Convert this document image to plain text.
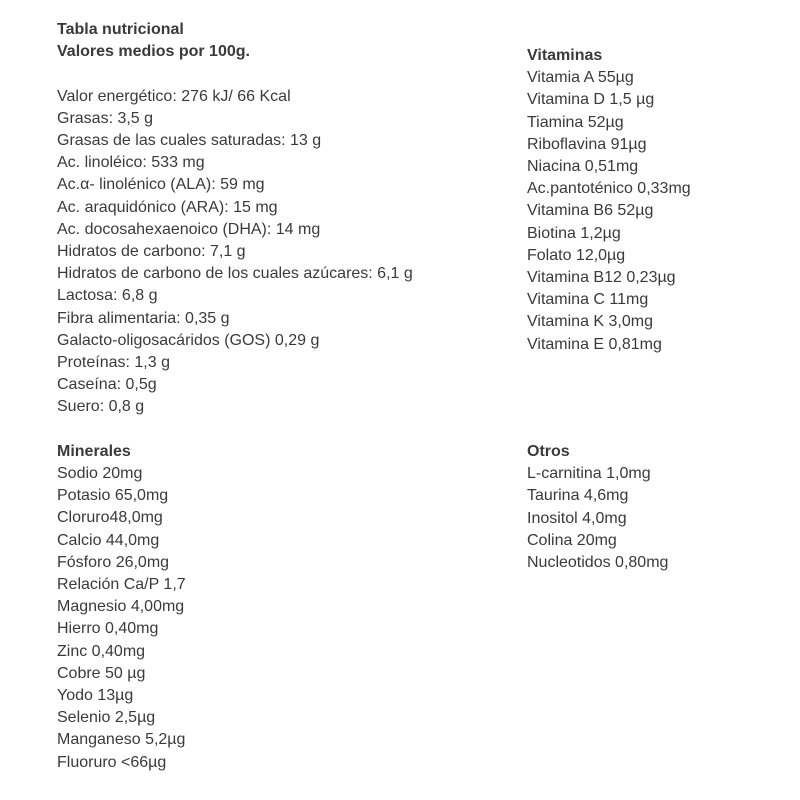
Tabla nutricional
Valores medios por 100g.
Valor energético: 276 kJ/ 66 Kcal
Grasas: 3,5 g
Grasas de las cuales saturadas: 13 g
Ac. linoléico: 533 mg
Ac.α- linolénico (ALA): 59 mg
Ac. araquidónico (ARA): 15 mg
Ac. docosahexaenoico (DHA): 14 mg
Hidratos de carbono: 7,1 g
Hidratos de carbono de los cuales azúcares: 6,1 g
Lactosa: 6,8 g
Fibra alimentaria: 0,35 g
Galacto-oligosacáridos (GOS) 0,29 g
Proteínas: 1,3 g
Caseína: 0,5g
Suero: 0,8 g
Minerales
Sodio 20mg
Potasio 65,0mg
Cloruro48,0mg
Calcio 44,0mg
Fósforo 26,0mg
Relación Ca/P 1,7
Magnesio 4,00mg
Hierro 0,40mg
Zinc 0,40mg
Cobre 50 µg
Yodo 13µg
Selenio 2,5µg
Manganeso 5,2µg
Fluoruro <66µg
Vitaminas
Vitamia A 55µg
Vitamina D 1,5 µg
Tiamina 52µg
Riboflavina 91µg
Niacina 0,51mg
Ac.pantoténico 0,33mg
Vitamina B6 52µg
Biotina 1,2µg
Folato 12,0µg
Vitamina B12 0,23µg
Vitamina C 11mg
Vitamina K 3,0mg
Vitamina E 0,81mg
Otros
L-carnitina 1,0mg
Taurina 4,6mg
Inositol 4,0mg
Colina 20mg
Nucleotidos 0,80mg
